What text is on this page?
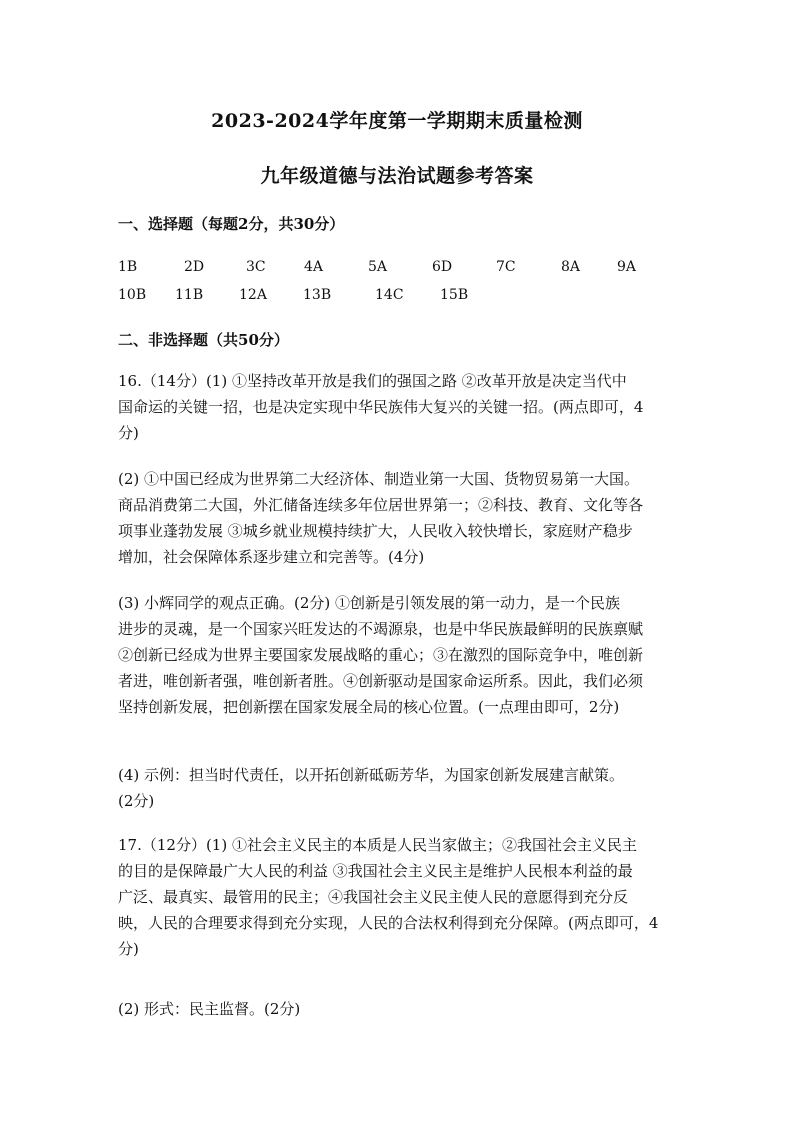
2023-2024学年度第一学期期末质量检测
九年级道德与法治试题参考答案
一、选择题（每题2分，共30分）
1B	2D	3C	4A	5A	6D	7C	8A	9A
10B 11B	12A	13B	14C	15B
二、非选择题（共50分）
16.（14分）(1) ①坚持改革开放是我们的强国之路 ②改革开放是决定当代中
国命运的关键一招，也是决定实现中华民族伟大复兴的关键一招。(两点即可，4
分)
(2) ①中国已经成为世界第二大经济体、制造业第一大国、货物贸易第一大国。
商品消费第二大国，外汇储备连续多年位居世界第一；②科技、教育、文化等各
项事业蓬勃发展 ③城乡就业规模持续扩大，人民收入较快增长，家庭财产稳步
增加，社会保障体系逐步建立和完善等。(4分)
(3) 小辉同学的观点正确。(2分) ①创新是引领发展的第一动力，是一个民族
进步的灵魂，是一个国家兴旺发达的不竭源泉，也是中华民族最鲜明的民族禀赋
②创新已经成为世界主要国家发展战略的重心；③在激烈的国际竞争中，唯创新
者进，唯创新者强，唯创新者胜。④创新驱动是国家命运所系。因此，我们必须
坚持创新发展，把创新摆在国家发展全局的核心位置。(一点理由即可，2分)
(4) 示例：担当时代责任，以开拓创新砥砺芳华，为国家创新发展建言献策。
(2分)
17.（12分）(1) ①社会主义民主的本质是人民当家做主；②我国社会主义民主
的目的是保障最广大人民的利益 ③我国社会主义民主是维护人民根本利益的最
广泛、最真实、最管用的民主；④我国社会主义民主使人民的意愿得到充分反
映，人民的合理要求得到充分实现，人民的合法权利得到充分保障。(两点即可，4
分)
(2) 形式：民主监督。(2分)
